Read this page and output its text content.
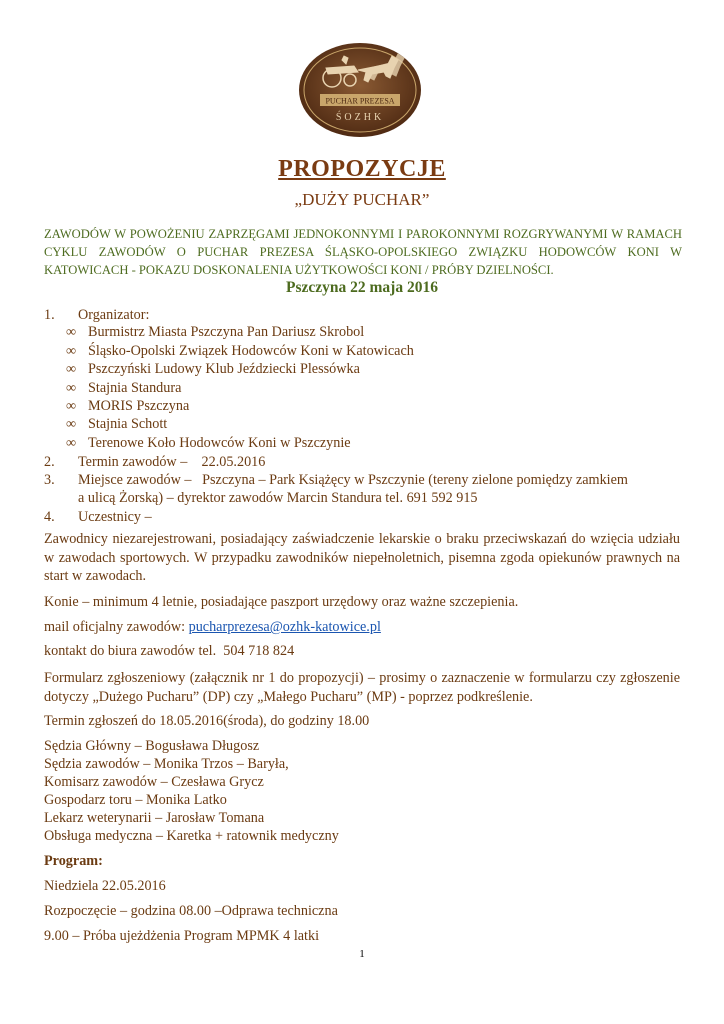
PUCHAR PREZESA
ŚOZHK
PROPOZYCJE
„DUŻY PUCHAR”
ZAWODÓW W POWOŻENIU ZAPRZĘGAMI JEDNOKONNYMI I PAROKONNYMI ROZGRYWANYMI W RAMACH CYKLU ZAWODÓW O PUCHAR PREZESA ŚLĄSKO-OPOLSKIEGO ZWIĄZKU HODOWCÓW KONI W KATOWICACH - POKAZU DOSKONALENIA UŻYTKOWOŚCI KONI / PRÓBY DZIELNOŚCI.
Pszczyna 22 maja 2016
1. Organizator:
∞ Burmistrz Miasta Pszczyna Pan Dariusz Skrobol
∞ Śląsko-Opolski Związek Hodowców Koni w Katowicach
∞ Pszczyński Ludowy Klub Jeździecki Plessówka
∞ Stajnia Standura
∞ MORIS Pszczyna
∞ Stajnia Schott
∞ Terenowe Koło Hodowców Koni w Pszczynie
2. Termin zawodów –    22.05.2016
3. Miejsce zawodów –   Pszczyna – Park Książęcy w Pszczynie (tereny zielone pomiędzy zamkiem
a ulicą Żorską) – dyrektor zawodów Marcin Standura tel. 691 592 915
4. Uczestnicy –
Zawodnicy niezarejestrowani, posiadający zaświadczenie lekarskie o braku przeciwskazań do wzięcia udziału w zawodach sportowych. W przypadku zawodników niepełnoletnich, pisemna zgoda opiekunów prawnych na start w zawodach.
Konie – minimum 4 letnie, posiadające paszport urzędowy oraz ważne szczepienia.
mail oficjalny zawodów: pucharprezesa@ozhk-katowice.pl
kontakt do biura zawodów tel.  504 718 824
Formularz zgłoszeniowy (załącznik nr 1 do propozycji) – prosimy o zaznaczenie w formularzu czy zgłoszenie dotyczy „Dużego Pucharu” (DP) czy „Małego Pucharu” (MP) - poprzez podkreślenie.
Termin zgłoszeń do 18.05.2016(środa), do godziny 18.00
Sędzia Główny – Bogusława Długosz
Sędzia zawodów – Monika Trzos – Baryła,
Komisarz zawodów – Czesława Grycz
Gospodarz toru – Monika Latko
Lekarz weterynarii – Jarosław Tomana
Obsługa medyczna – Karetka + ratownik medyczny
Program:
Niedziela 22.05.2016
Rozpoczęcie – godzina 08.00 –Odprawa techniczna
9.00 – Próba ujeżdżenia Program MPMK 4 latki
1
